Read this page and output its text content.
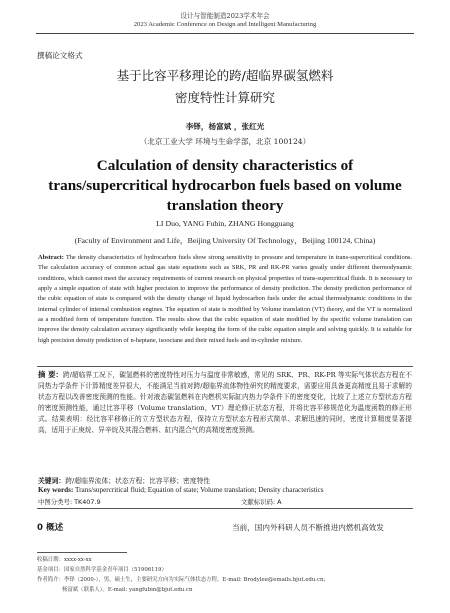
设计与智能制造2023学术年会
2023 Academic Conference on Design and Intelligent Manufacturing
撰稿论文格式
基于比容平移理论的跨/超临界碳氢燃料
密度特性计算研究
李铎，杨富斌 ，张红光
（北京工业大学 环境与生命学部，北京 100124）
Calculation of density characteristics of
trans/supercritical hydrocarbon fuels based on volume
translation theory
LI Duo, YANG Fubin, ZHANG Hongguang
(Faculty of Environment and Life，Beijing University Of Technology，Beijing 100124, China)

Abstract: The density characteristics of hydrocarbon fuels show strong sensitivity to pressure and temperature in trans-supercritical conditions. The calculation accuracy of common actual gas state equations such as SRK, PR and RK-PR varies greatly under different thermodynamic conditions, which cannot meet the accuracy requirements of current research on physical properties of trans-supercritical fluids. It is necessary to apply a simple equation of state with higher precision to improve the performance of density prediction. The density prediction performance of the cubic equation of state is compared with the density change of liquid hydrocarbon fuels under the actual thermodynamic conditions in the internal cylinder of internal combustion engines. The equation of state is modified by Volume translation (VT) theory, and the VT is normalized as a modified form of temperature function. The results show that the cubic equation of state modified by the specific volume translation can improve the density calculation accuracy significantly while keeping the form of the cubic equation simple and solving quickly. It is suitable for high precision density prediction of n-heptane, isooctane and their mixed fuels and in-cylinder mixture.

摘 要：跨/超临界工况下，碳氢燃料的密度特性对压力与温度非常敏感，常见的 SRK、PR、RK-PR 等实际气体状态方程在不同热力学条件下计算精度差异很大，不能满足当前对跨/超临界流体物性研究的精度要求，需要应用具备更高精度且易于求解的状态方程以改善密度预测的性能。针对液态碳氢燃料在内燃机实际缸内热力学条件下的密度变化，比较了上述立方型状态方程的密度预测性能，通过比容平移（Volume translation，VT）理论修正状态方程，并将比容平移规范化为温度函数的修正形式。结果表明：经比容平移修正的立方型状态方程，保持立方型状态方程形式简单、求解迅速的同时，密度计算精度显著提高，适用于正庚烷、异辛烷及其混合燃料、缸内混合气的高精度密度预测。

关键词：跨/超临界流体；状态方程；比容平移；密度特性
Key words: Trans/supercritical fluid; Equation of state; Volume translation; Density characteristics
中图分类号: TK407.9	文献标识码: A
0 概述	当前，国内外科研人员不断推进内燃机高效发
收稿日期：xxxx-xx-xx
基金项目：国家自然科学基金青年项目（51906119）
作者简介：李铎（2000-），男，硕士生，主要研究方向为实际气体状态方程。E-mail: Brodylee@emails.bjut.edu.cn；
杨富斌（联系人）。E-mail: yangfubin@bjut.edu.cn
